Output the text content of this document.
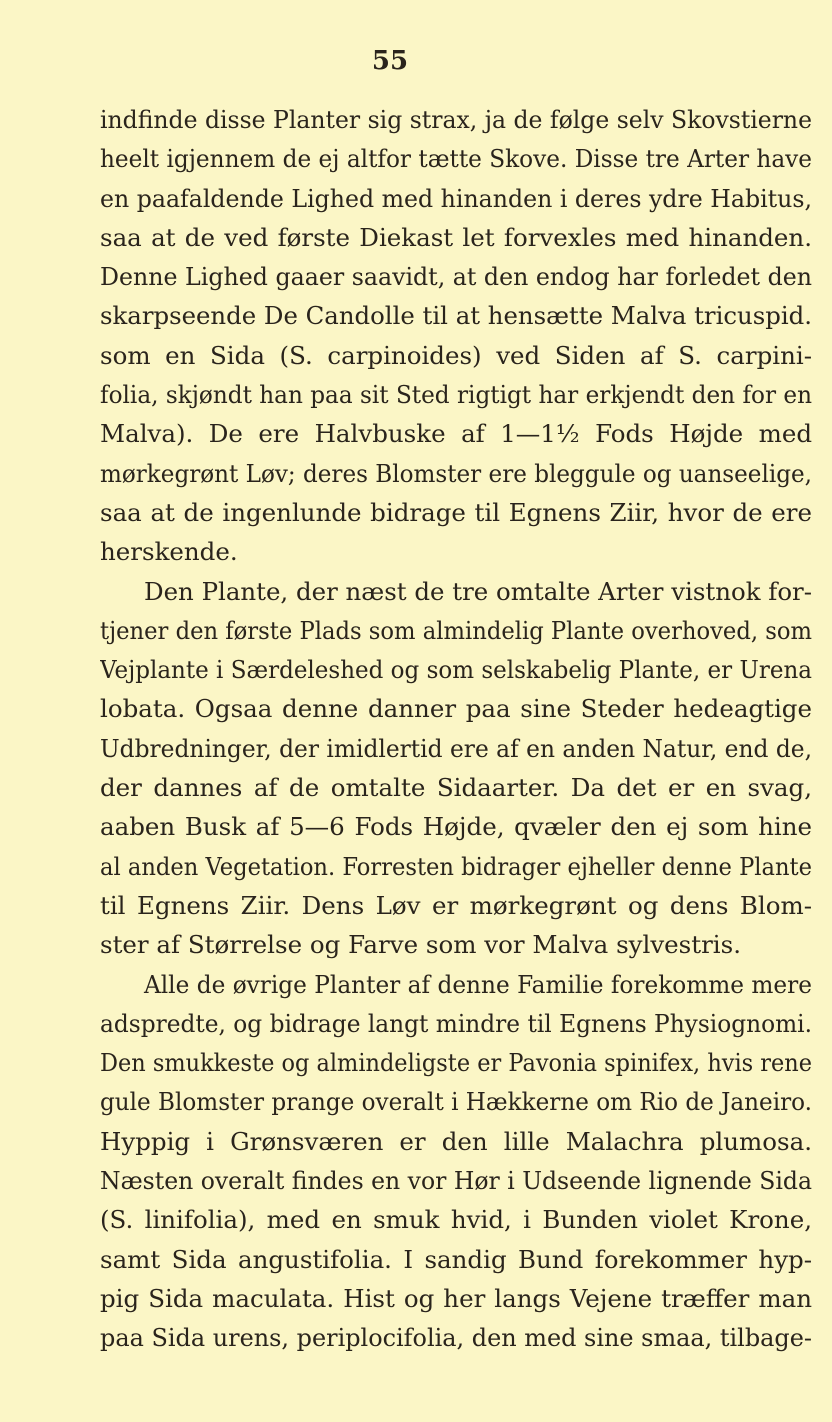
55
indfinde disse Planter sig strax, ja de følge selv Skovstierne
heelt igjennem de ej altfor tætte Skove. Disse tre Arter have
en paafaldende Lighed med hinanden i deres ydre Habitus,
saa at de ved første Diekast let forvexles med hinanden.
Denne Lighed gaaer saavidt, at den endog har forledet den
skarpseende De Candolle til at hensætte Malva tricuspid.
som en Sida (S. carpinoides) ved Siden af S. carpini-
folia, skjøndt han paa sit Sted rigtigt har erkjendt den for en
Malva). De ere Halvbuske af 1—1½ Fods Højde med
mørkegrønt Løv; deres Blomster ere bleggule og uanseelige,
saa at de ingenlunde bidrage til Egnens Ziir, hvor de ere
herskende.
Den Plante, der næst de tre omtalte Arter vistnok for-
tjener den første Plads som almindelig Plante overhoved, som
Vejplante i Særdeleshed og som selskabelig Plante, er Urena
lobata. Ogsaa denne danner paa sine Steder hedeagtige
Udbredninger, der imidlertid ere af en anden Natur, end de,
der dannes af de omtalte Sidaarter. Da det er en svag,
aaben Busk af 5—6 Fods Højde, qvæler den ej som hine
al anden Vegetation. Forresten bidrager ejheller denne Plante
til Egnens Ziir. Dens Løv er mørkegrønt og dens Blom-
ster af Størrelse og Farve som vor Malva sylvestris.
Alle de øvrige Planter af denne Familie forekomme mere
adspredte, og bidrage langt mindre til Egnens Physiognomi.
Den smukkeste og almindeligste er Pavonia spinifex, hvis rene
gule Blomster prange overalt i Hækkerne om Rio de Janeiro.
Hyppig i Grønsværen er den lille Malachra plumosa.
Næsten overalt findes en vor Hør i Udseende lignende Sida
(S. linifolia), med en smuk hvid, i Bunden violet Krone,
samt Sida angustifolia. I sandig Bund forekommer hyp-
pig Sida maculata. Hist og her langs Vejene træffer man
paa Sida urens, periplocifolia, den med sine smaa, tilbage-
